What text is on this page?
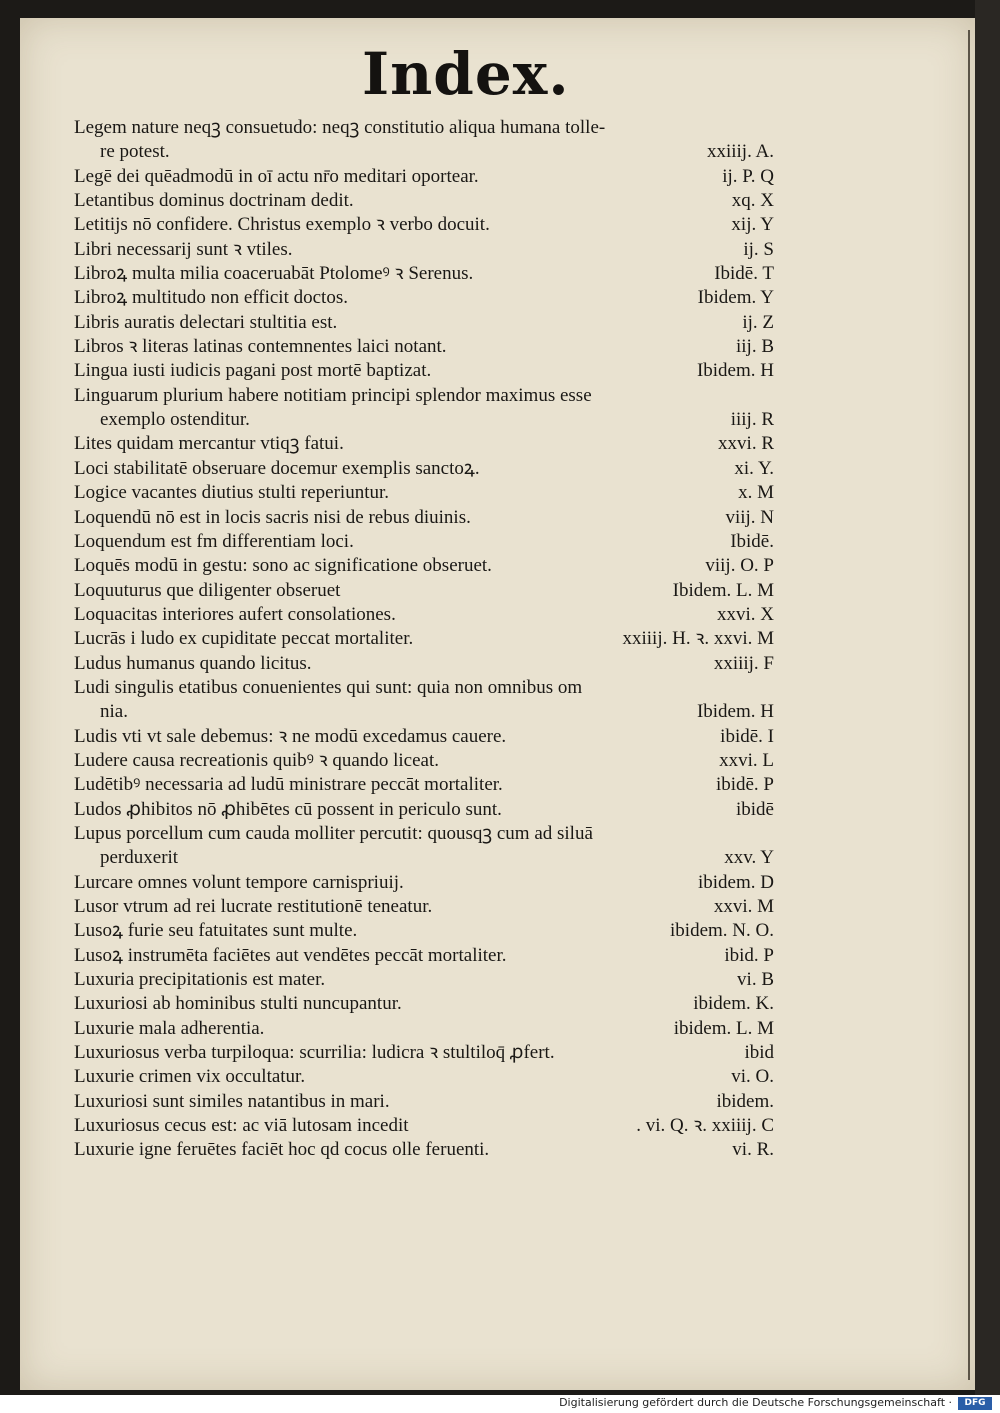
Index.
Legem nature neqꝫ consuetudo: neqꝫ constitutio aliqua humana tolle-
re potest.	xxiiij. A.
Legē dei quēadmodū in oī actu nr̄o meditari oportear.	ij. P. Q
Letantibus dominus doctrinam dedit.	xq. X
Letitijs nō confidere. Christus exemplo ꝛ verbo docuit.	xij. Y
Libri necessarij sunt ꝛ vtiles.	ij. S
Libroꝝ multa milia coaceruabāt Ptolomeꝰ ꝛ Serenus.	Ibidē. T
Libroꝝ multitudo non efficit doctos.	Ibidem. Y
Libris auratis delectari stultitia est.	ij. Z
Libros ꝛ literas latinas contemnentes laici notant.	iij. B
Lingua iusti iudicis pagani post mortē baptizat.	Ibidem. H
Linguarum plurium habere notitiam principi splendor maximus esse
exemplo ostenditur.	iiij. R
Lites quidam mercantur vtiqꝫ fatui.	xxvi. R
Loci stabilitatē obseruare docemur exemplis sanctoꝝ.	xi. Y.
Logice vacantes diutius stulti reperiuntur.	x. M
Loquendū nō est in locis sacris nisi de rebus diuinis.	viij. N
Loquendum est fm differentiam loci.	Ibidē.
Loquēs modū in gestu: sono ac significatione obseruet.	viij. O. P
Loquuturus que diligenter obseruet	Ibidem. L. M
Loquacitas interiores aufert consolationes.	xxvi. X
Lucrās i ludo ex cupiditate peccat mortaliter.	xxiiij. H. ꝛ. xxvi. M
Ludus humanus quando licitus.	xxiiij. F
Ludi singulis etatibus conuenientes qui sunt: quia non omnibus om
nia.	Ibidem. H
Ludis vti vt sale debemus: ꝛ ne modū excedamus cauere.	ibidē. I
Ludere causa recreationis quibꝰ ꝛ quando liceat.	xxvi. L
Ludētibꝰ necessaria ad ludū ministrare peccāt mortaliter.	ibidē. P
Ludos ꝓhibitos nō ꝓhibētes cū possent in periculo sunt.	ibidē
Lupus porcellum cum cauda molliter percutit: quousqꝫ cum ad siluā
perduxerit	xxv. Y
Lurcare omnes volunt tempore carnispriuij.	ibidem. D
Lusor vtrum ad rei lucrate restitutionē teneatur.	xxvi. M
Lusoꝝ furie seu fatuitates sunt multe.	ibidem. N. O.
Lusoꝝ instrumēta faciētes aut vendētes peccāt mortaliter.	ibid. P
Luxuria precipitationis est mater.	vi. B
Luxuriosi ab hominibus stulti nuncupantur.	ibidem. K.
Luxurie mala adherentia.	ibidem. L. M
Luxuriosus verba turpiloqua: scurrilia: ludicra ꝛ stultiloq̄ ꝓfert.	ibid
Luxurie crimen vix occultatur.	vi. O.
Luxuriosi sunt similes natantibus in mari.	ibidem.
Luxuriosus cecus est: ac viā lutosam incedit	. vi. Q. ꝛ. xxiiij. C
Luxurie igne feruētes faciēt hoc qd cocus olle feruenti.	vi. R.
Digitalisierung gefördert durch die Deutsche Forschungsgemeinschaft ·	DFG
